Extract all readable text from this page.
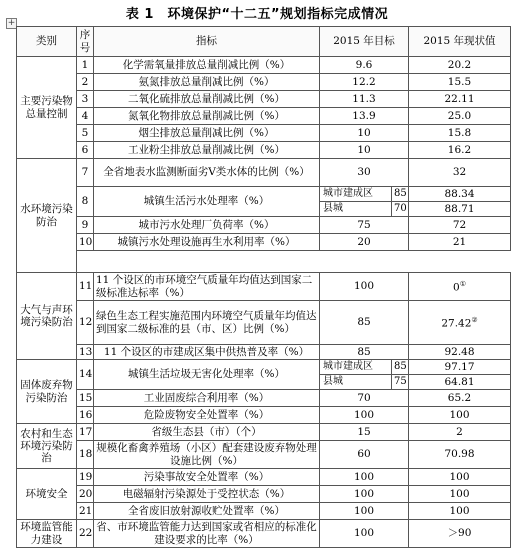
表 1　环境保护“十二五”规划指标完成情况
+
类别	序号	指标	2015 年目标		2015 年现状值
主要污染物总量控制	1	化学需氧量排放总量削减比例（%）	9.6		20.2
	2	氨氮排放总量削减比例（%）	12.2		15.5
	3	二氧化硫排放总量削减比例（%）	11.3		22.11
	4	氮氧化物排放总量削减比例（%）	13.9		25.0
	5	烟尘排放总量削减比例（%）	10		15.8
	6	工业粉尘排放总量削减比例（%）	10		16.2
水环境污染防治	7	全省地表水监测断面劣Ⅴ类水体的比例（%）	30		32
	8	城镇生活污水处理率（%）	城市建成区	85	88.34
			县城	70	88.71
	9	城市污水处理厂负荷率（%）	75		72
	10	城镇污水处理设施再生水利用率（%）	20		21

大气与声环境污染防治	11	11 个设区的市环境空气质量年均值达到国家二级标准达标率（%）	100		0①
	12	绿色生态工程实施范围内环境空气质量年均值达到国家二级标准的县（市、区）比例（%）	85		27.42②
	13	11 个设区的市建成区集中供热普及率（%）	85		92.48
固体废弃物污染防治	14	城镇生活垃圾无害化处理率（%）	城市建成区	85	97.17
			县城	75	64.81
	15	工业固废综合利用率（%）	70		65.2
	16	危险废物安全处置率（%）	100		100
农村和生态环境污染防治	17	省级生态县（市）（个）	15		2
	18	规模化畜禽养殖场（小区）配套建设废弃物处理设施比例（%）	60		70.98
环境安全	19	污染事故安全处置率（%）	100		100
	20	电磁辐射污染源处于受控状态（%）	100		100
	21	全省废旧放射源收贮处置率（%）	100		100
环境监管能力建设	22	省、市环境监管能力达到国家或省相应的标准化建设要求的比率（%）	100		＞90
